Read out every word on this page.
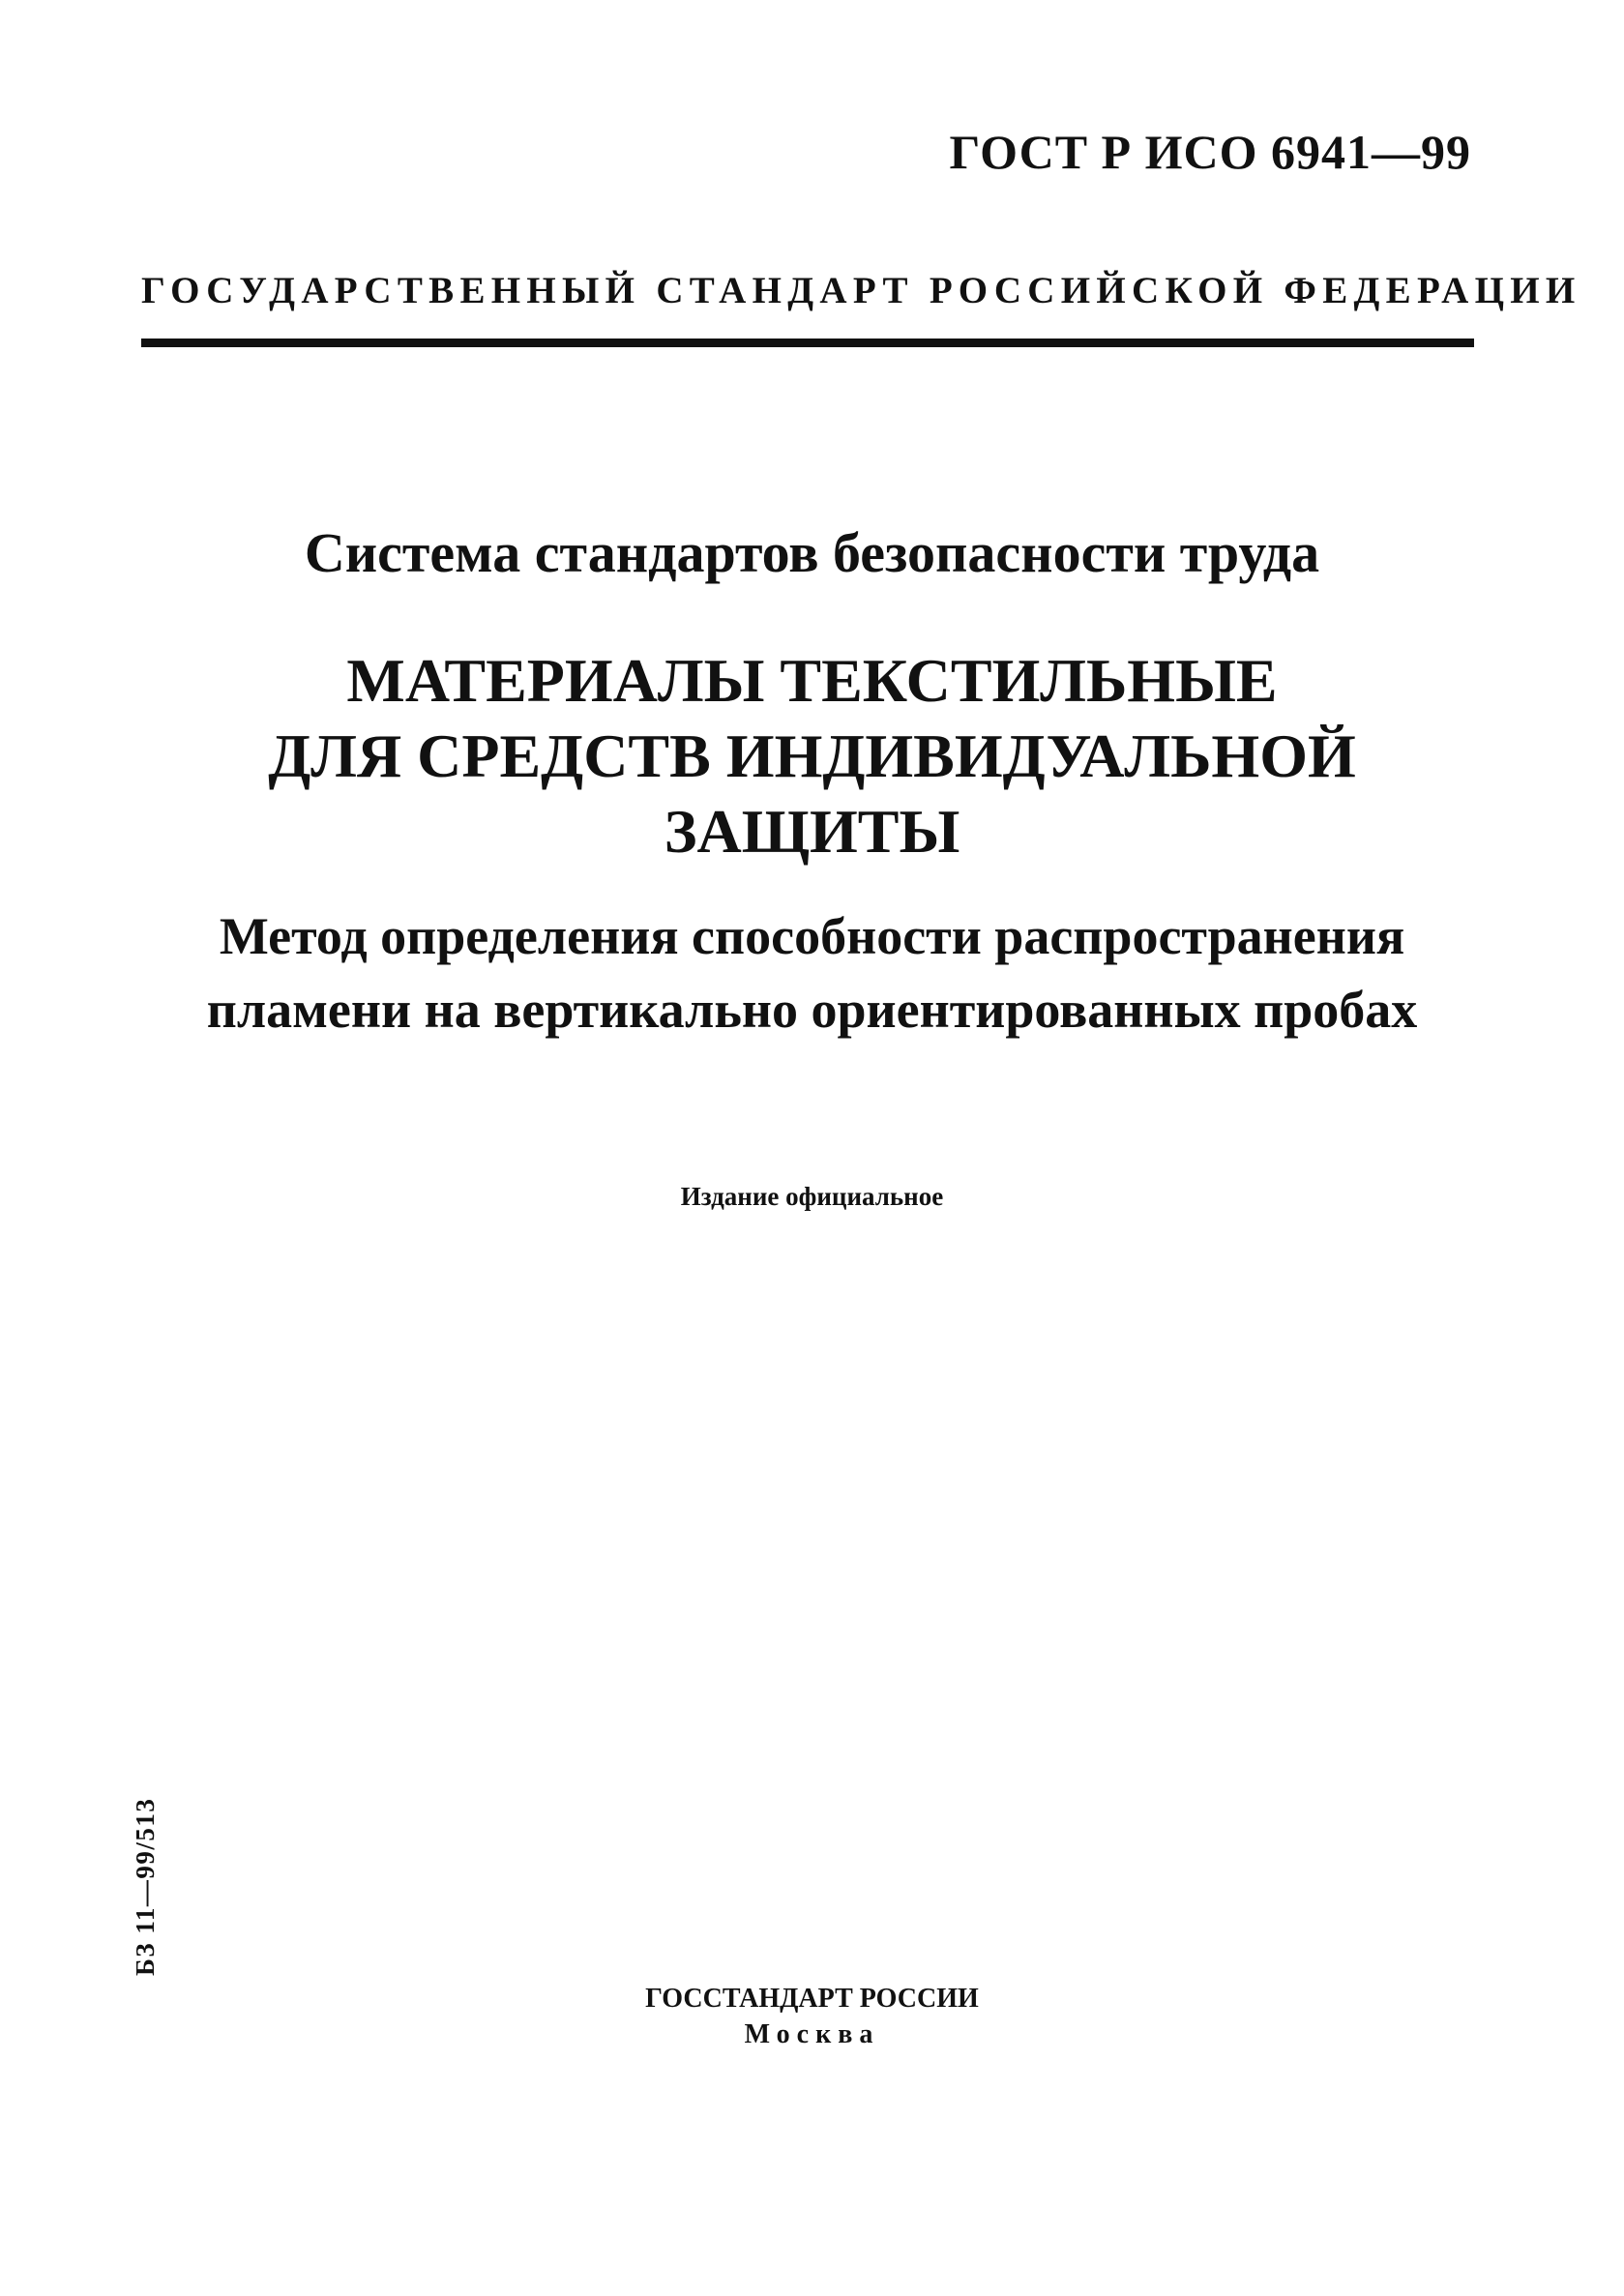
ГОСТ Р ИСО 6941—99
ГОСУДАРСТВЕННЫЙ СТАНДАРТ РОССИЙСКОЙ ФЕДЕРАЦИИ
Система стандартов безопасности труда
МАТЕРИАЛЫ ТЕКСТИЛЬНЫЕ
ДЛЯ СРЕДСТВ ИНДИВИДУАЛЬНОЙ
ЗАЩИТЫ
Метод определения способности распространения
пламени на вертикально ориентированных пробах
Издание официальное
БЗ 11—99/513
ГОССТАНДАРТ РОССИИ
Москва
